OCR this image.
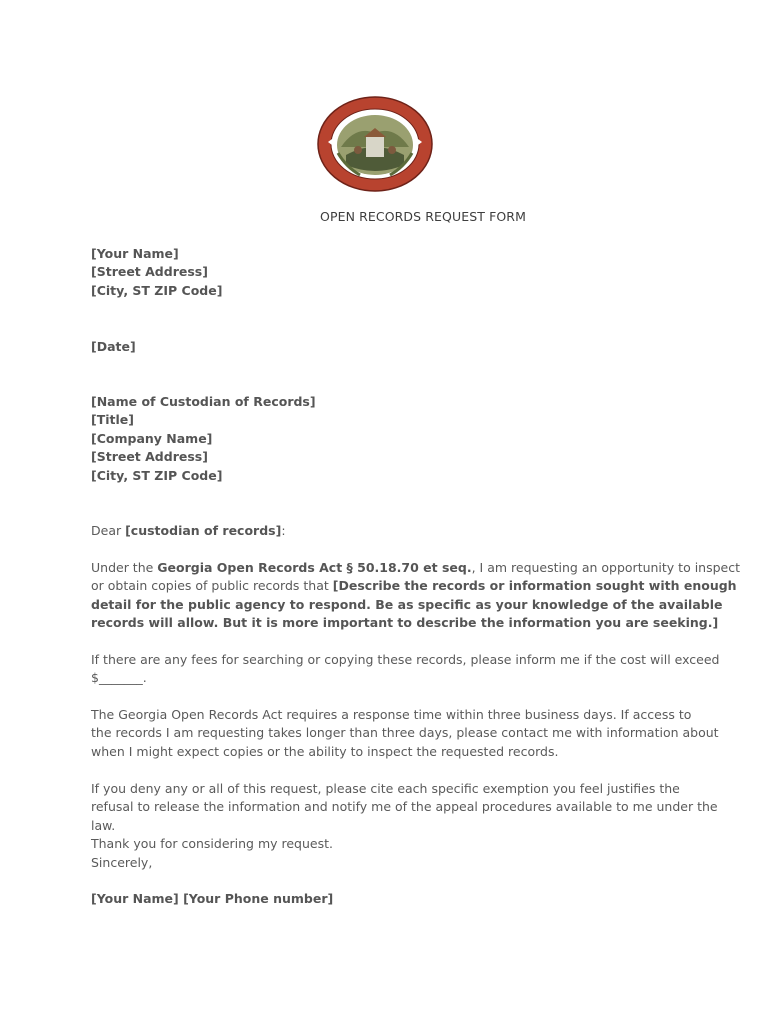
OPEN RECORDS REQUEST FORM
[Your Name]
[Street Address]
[City, ST ZIP Code]
[Date]
[Name of Custodian of Records]
[Title]
[Company Name]
[Street Address]
[City, ST ZIP Code]
Dear [custodian of records]:
Under the Georgia Open Records Act § 50.18.70 et seq., I am requesting an opportunity to inspect
or obtain copies of public records that [Describe the records or information sought with enough
detail for the public agency to respond. Be as specific as your knowledge of the available
records will allow. But it is more important to describe the information you are seeking.]
If there are any fees for searching or copying these records, please inform me if the cost will exceed
$_______.
The Georgia Open Records Act requires a response time within three business days. If access to
the records I am requesting takes longer than three days, please contact me with information about
when I might expect copies or the ability to inspect the requested records.
If you deny any or all of this request, please cite each specific exemption you feel justifies the
refusal to release the information and notify me of the appeal procedures available to me under the
law.
Thank you for considering my request.
Sincerely,
[Your Name] [Your Phone number]
